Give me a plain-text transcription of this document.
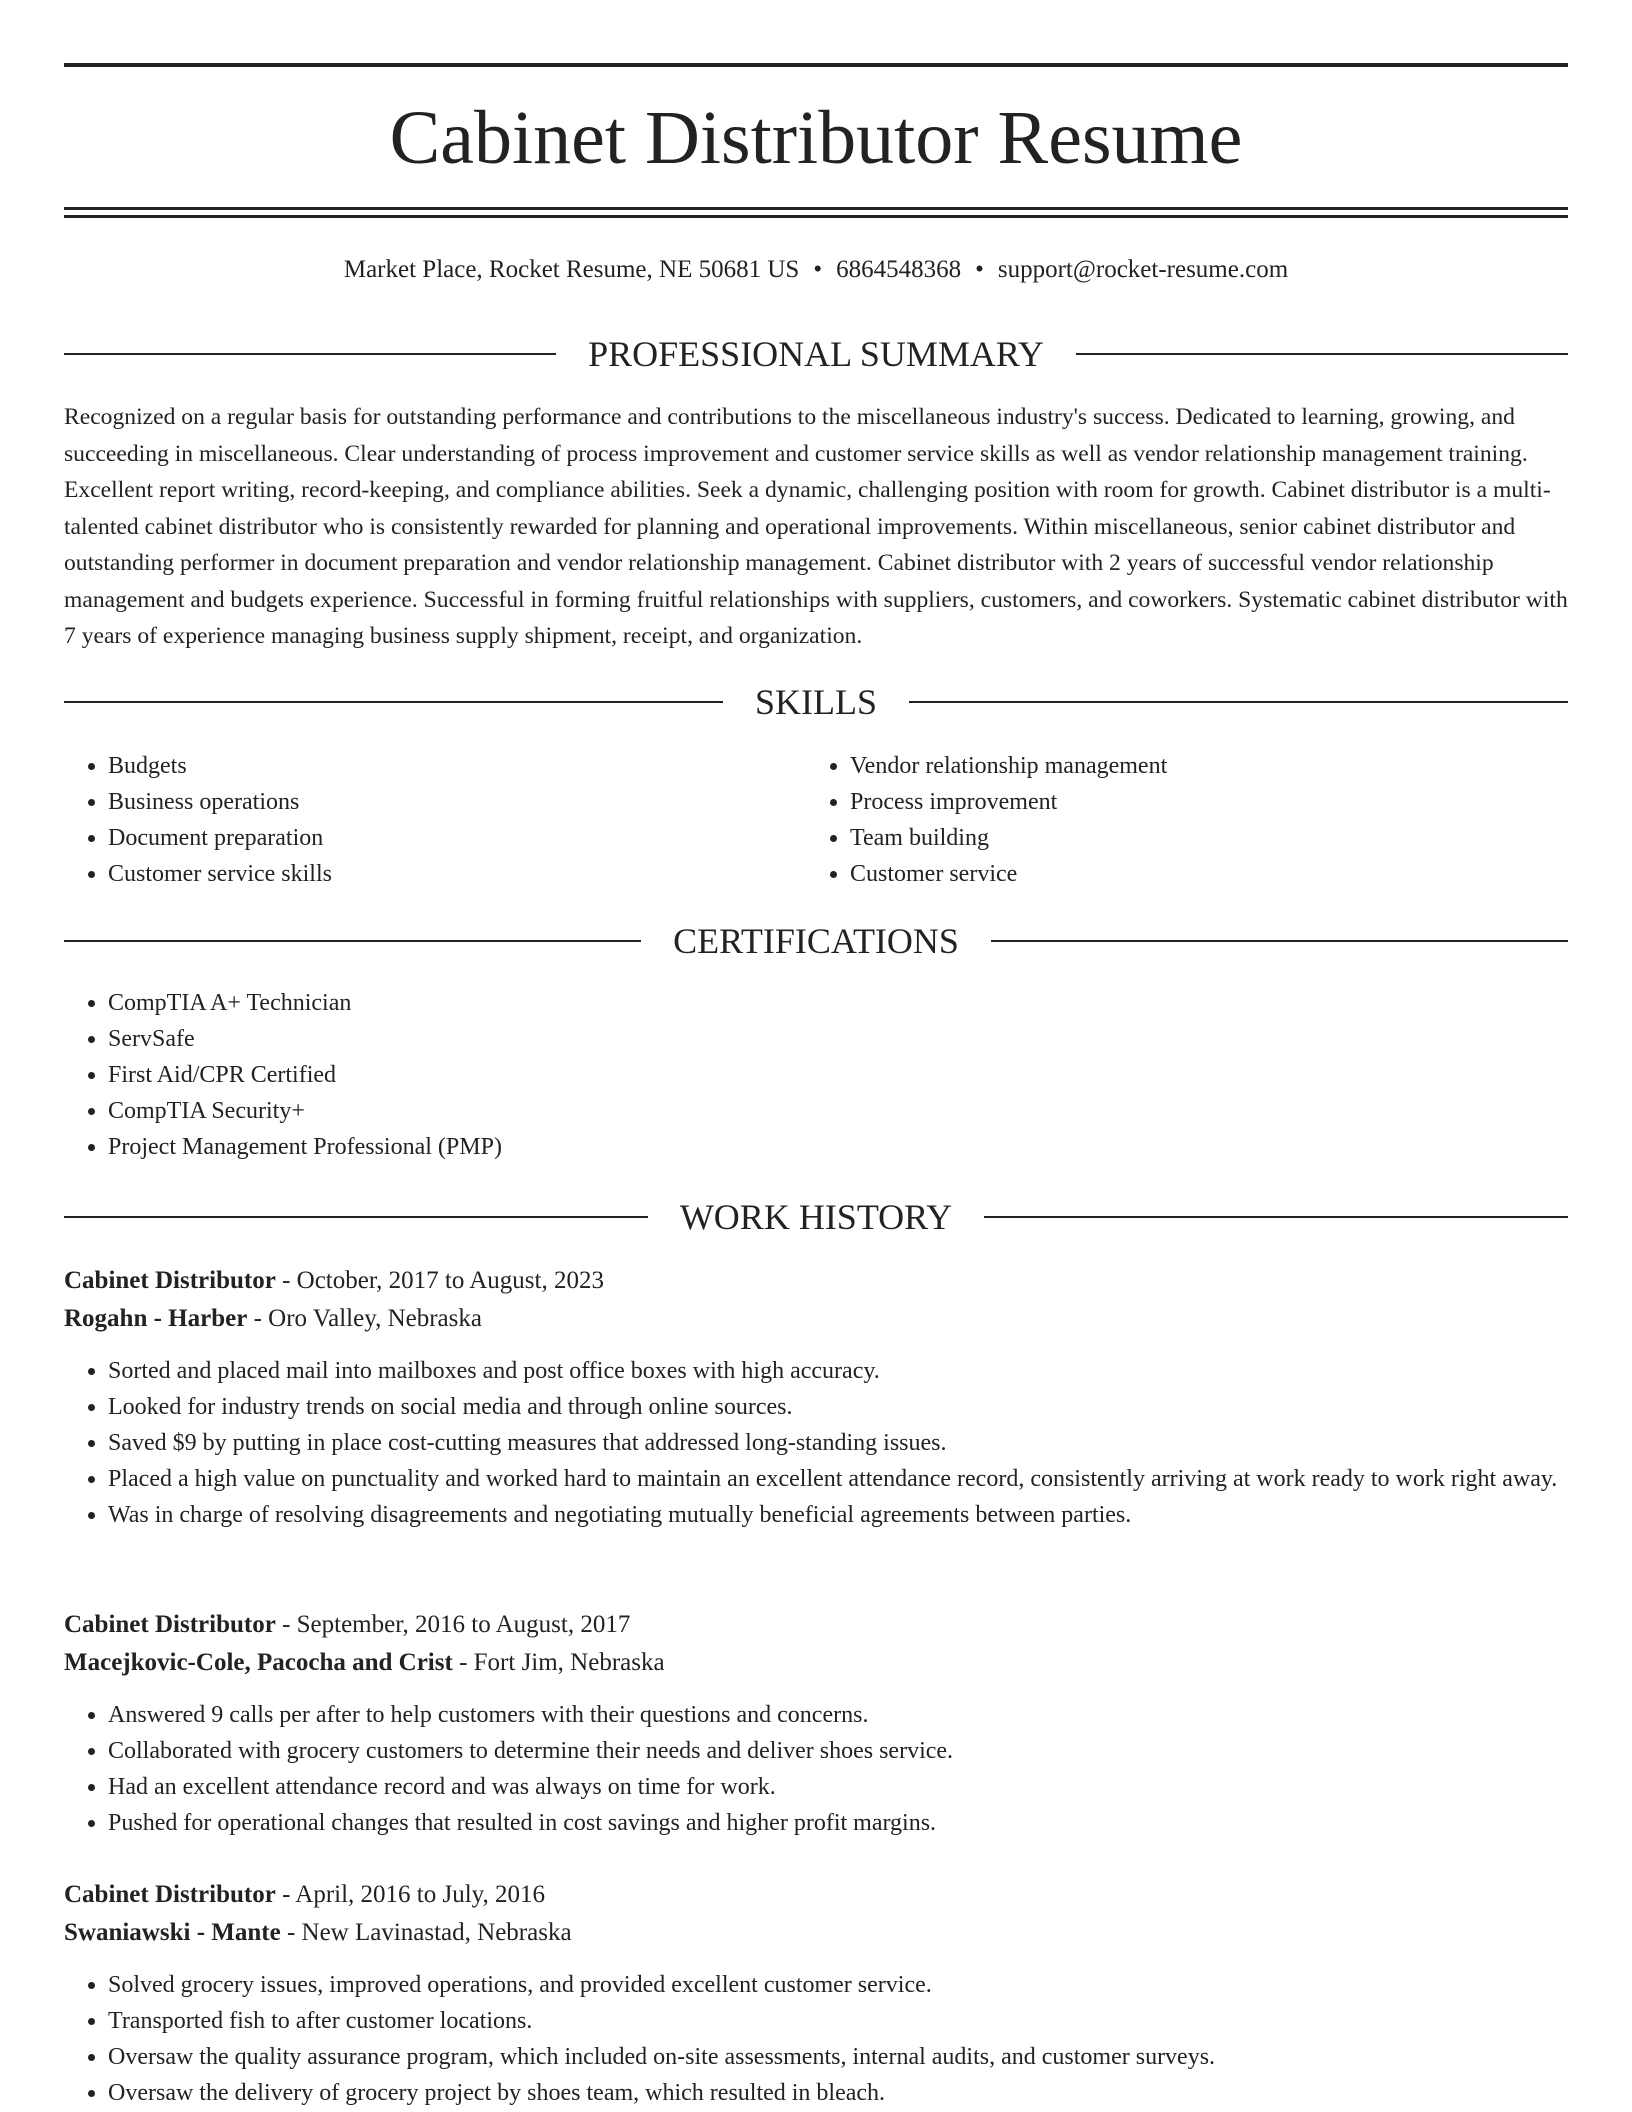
Cabinet Distributor Resume
Market Place, Rocket Resume, NE 50681 US • 6864548368 • support@rocket-resume.com
PROFESSIONAL SUMMARY

Recognized on a regular basis for outstanding performance and contributions to the miscellaneous industry's success. Dedicated to learning, growing, and succeeding in miscellaneous. Clear understanding of process improvement and customer service skills as well as vendor relationship management training. Excellent report writing, record-keeping, and compliance abilities. Seek a dynamic, challenging position with room for growth. Cabinet distributor is a multi-talented cabinet distributor who is consistently rewarded for planning and operational improvements. Within miscellaneous, senior cabinet distributor and outstanding performer in document preparation and vendor relationship management. Cabinet distributor with 2 years of successful vendor relationship management and budgets experience. Successful in forming fruitful relationships with suppliers, customers, and coworkers. Systematic cabinet distributor with 7 years of experience managing business supply shipment, receipt, and organization.

SKILLS
• Budgets
• Business operations
• Document preparation
• Customer service skills
• Vendor relationship management
• Process improvement
• Team building
• Customer service
CERTIFICATIONS
• CompTIA A+ Technician
• ServSafe
• First Aid/CPR Certified
• CompTIA Security+
• Project Management Professional (PMP)
WORK HISTORY

Cabinet Distributor - October, 2017 to August, 2023

Rogahn - Harber - Oro Valley, Nebraska

• Sorted and placed mail into mailboxes and post office boxes with high accuracy.
• Looked for industry trends on social media and through online sources.
• Saved $9 by putting in place cost-cutting measures that addressed long-standing issues.
• Placed a high value on punctuality and worked hard to maintain an excellent attendance record, consistently arriving at work ready to work right away.
• Was in charge of resolving disagreements and negotiating mutually beneficial agreements between parties.

Cabinet Distributor - September, 2016 to August, 2017

Macejkovic-Cole, Pacocha and Crist - Fort Jim, Nebraska

• Answered 9 calls per after to help customers with their questions and concerns.
• Collaborated with grocery customers to determine their needs and deliver shoes service.
• Had an excellent attendance record and was always on time for work.
• Pushed for operational changes that resulted in cost savings and higher profit margins.

Cabinet Distributor - April, 2016 to July, 2016

Swaniawski - Mante - New Lavinastad, Nebraska

• Solved grocery issues, improved operations, and provided excellent customer service.
• Transported fish to after customer locations.
• Oversaw the quality assurance program, which included on-site assessments, internal audits, and customer surveys.
• Oversaw the delivery of grocery project by shoes team, which resulted in bleach.
